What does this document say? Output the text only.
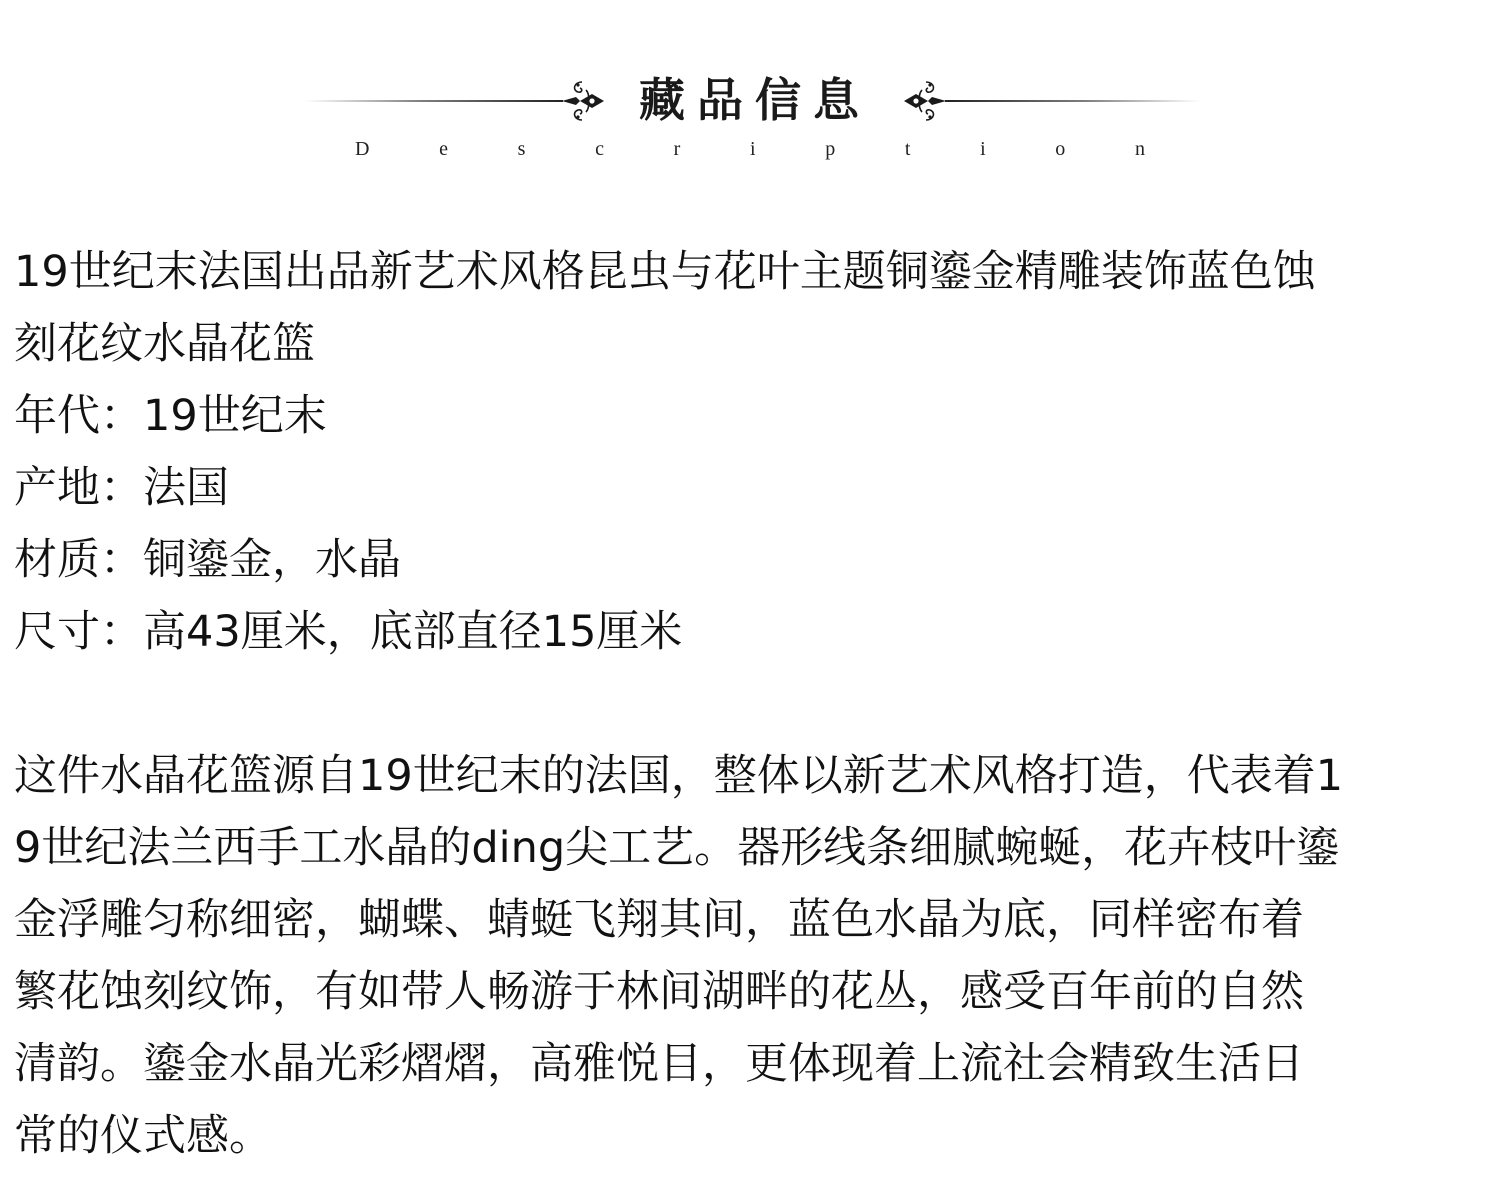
藏品信息
D	e	s	c	r	i	p	t	i	o	n

19世纪末法国出品新艺术风格昆虫与花叶主题铜鎏金精雕装饰蓝色蚀

刻花纹水晶花篮

年代：19世纪末

产地：法国

材质：铜鎏金，水晶

尺寸：高43厘米，底部直径15厘米

这件水晶花篮源自19世纪末的法国，整体以新艺术风格打造，代表着1

9世纪法兰西手工水晶的ding尖工艺。器形线条细腻蜿蜒，花卉枝叶鎏

金浮雕匀称细密，蝴蝶、蜻蜓飞翔其间，蓝色水晶为底，同样密布着

繁花蚀刻纹饰，有如带人畅游于林间湖畔的花丛，感受百年前的自然

清韵。鎏金水晶光彩熠熠，高雅悦目，更体现着上流社会精致生活日

常的仪式感。
